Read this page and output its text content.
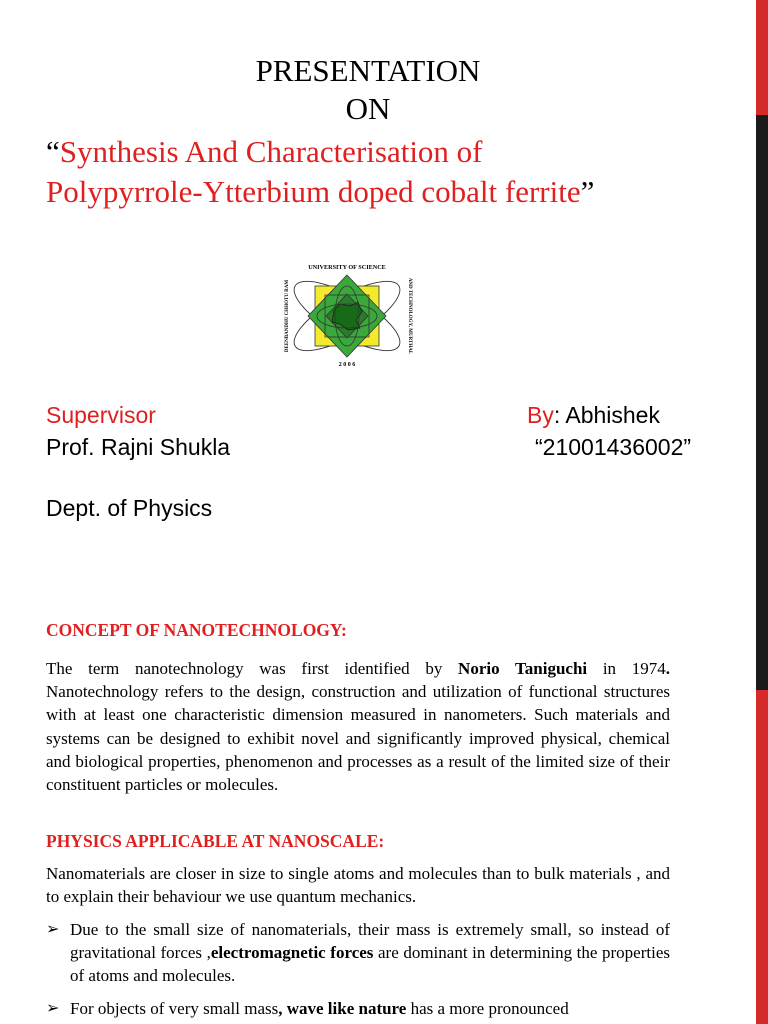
PRESENTATION
ON
“Synthesis And Characterisation of
Polypyrrole-Ytterbium doped cobalt ferrite”
UNIVERSITY OF SCIENCE
DEENBANDHU CHHOTU RAM	AND TECHNOLOGY, MURTHAL
2 0 0 6
Supervisor
Prof. Rajni Shukla
Dept. of Physics
By: Abhishek
“21001436002”
CONCEPT OF NANOTECHNOLOGY:
The term nanotechnology was first identified by Norio Taniguchi in 1974. Nanotechnology refers to the design, construction and utilization of functional structures with at least one characteristic dimension measured in nanometers. Such materials and systems can be designed to exhibit novel and significantly improved physical, chemical and biological properties, phenomenon and processes as a result of the limited size of their constituent particles or molecules.
PHYSICS APPLICABLE AT NANOSCALE:
Nanomaterials are closer in size to single atoms and molecules than to bulk materials , and to explain their behaviour we use quantum mechanics.
➢ Due to the small size of nanomaterials, their mass is extremely small, so instead of gravitational forces ,electromagnetic forces are dominant in determining the properties of atoms and molecules.
➢ For objects of very small mass, wave like nature has a more pronounced
